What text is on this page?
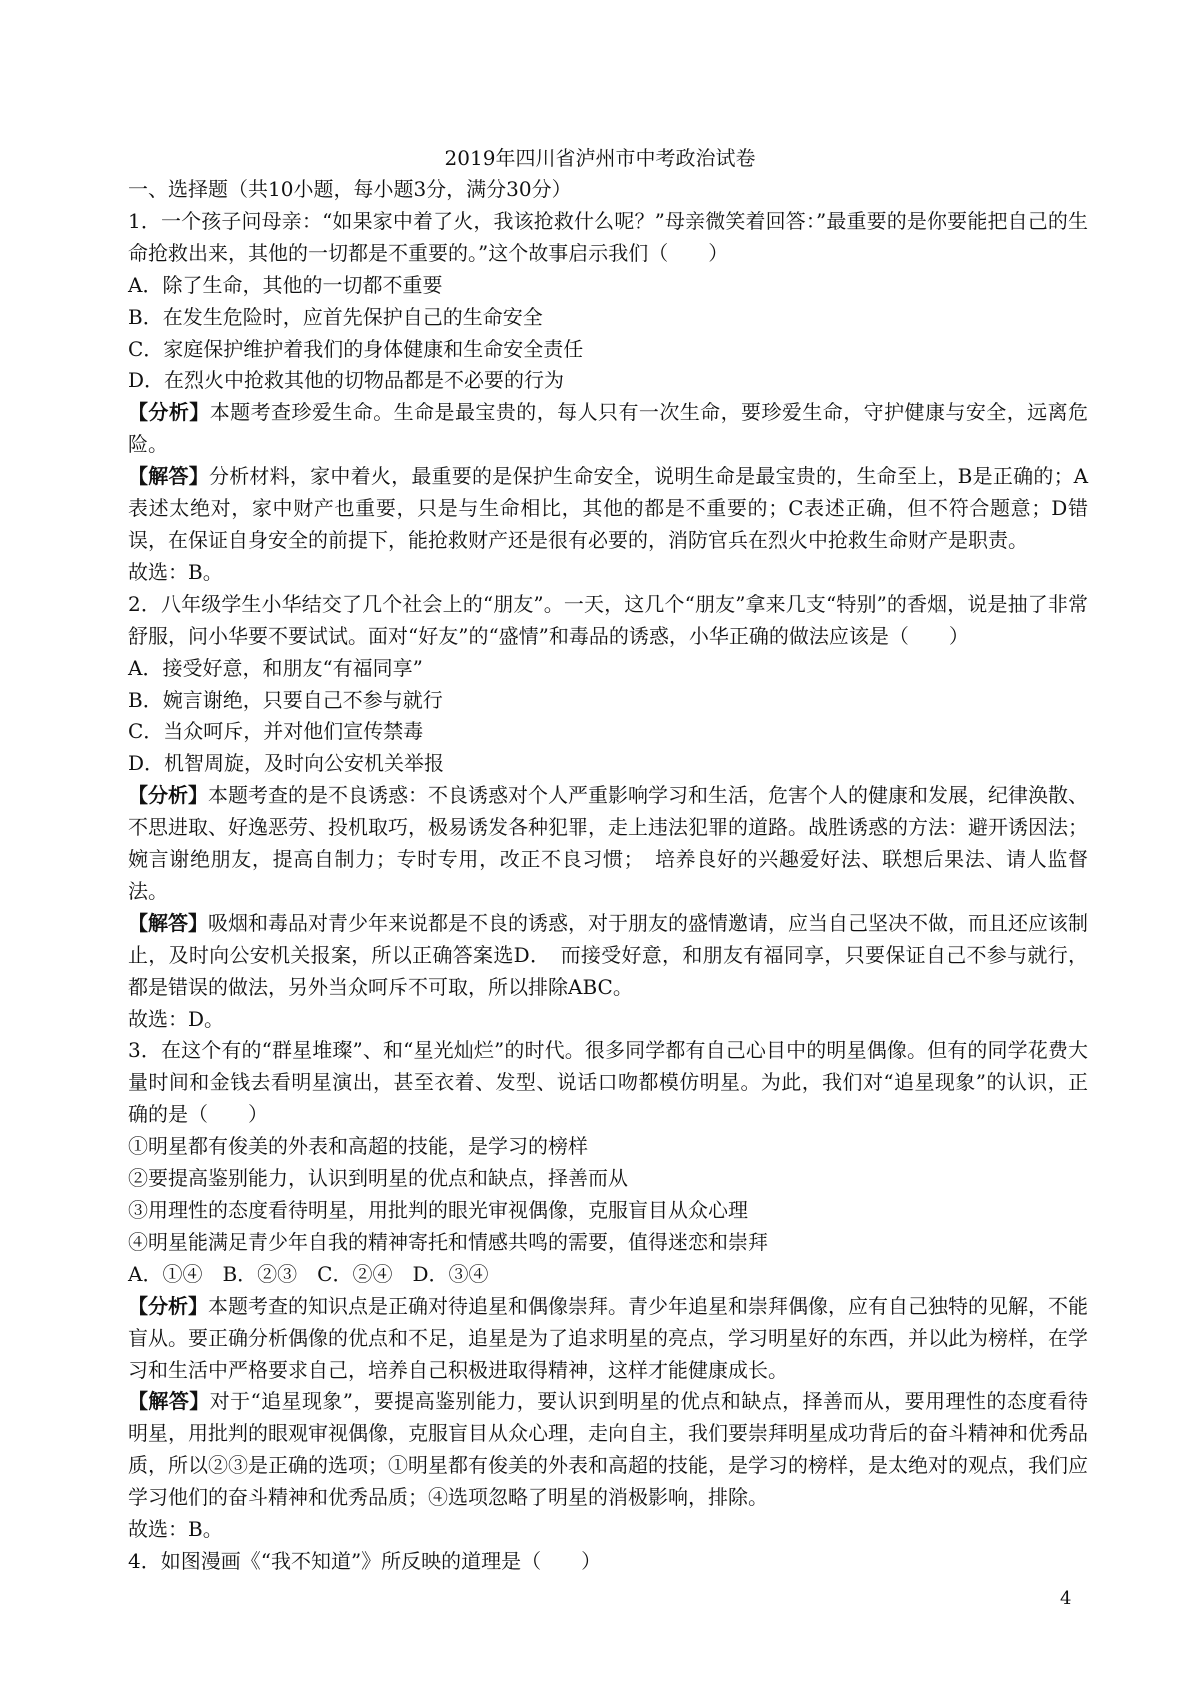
2019年四川省泸州市中考政治试卷

一、选择题（共10小题，每小题3分，满分30分）

1．一个孩子问母亲：“如果家中着了火，我该抢救什么呢？”母亲微笑着回答：”最重要的是你要能把自己的生命抢救出来，其他的一切都是不重要的。”这个故事启示我们（　　）

A．除了生命，其他的一切都不重要

B．在发生危险时，应首先保护自己的生命安全

C．家庭保护维护着我们的身体健康和生命安全责任

D．在烈火中抢救其他的切物品都是不必要的行为

【分析】本题考查珍爱生命。生命是最宝贵的，每人只有一次生命，要珍爱生命，守护健康与安全，远离危险。

【解答】分析材料，家中着火，最重要的是保护生命安全，说明生命是最宝贵的，生命至上，B是正确的；A表述太绝对，家中财产也重要，只是与生命相比，其他的都是不重要的；C表述正确，但不符合题意；D错误，在保证自身安全的前提下，能抢救财产还是很有必要的，消防官兵在烈火中抢救生命财产是职责。

故选：B。

2．八年级学生小华结交了几个社会上的“朋友”。一天，这几个“朋友”拿来几支“特别”的香烟，说是抽了非常舒服，问小华要不要试试。面对“好友”的“盛情”和毒品的诱惑，小华正确的做法应该是（　　）

A．接受好意，和朋友“有福同享”

B．婉言谢绝，只要自己不参与就行

C．当众呵斥，并对他们宣传禁毒

D．机智周旋，及时向公安机关举报

【分析】本题考查的是不良诱惑：不良诱惑对个人严重影响学习和生活，危害个人的健康和发展，纪律涣散、不思进取、好逸恶劳、投机取巧，极易诱发各种犯罪，走上违法犯罪的道路。战胜诱惑的方法：避开诱因法；婉言谢绝朋友，提高自制力；专时专用，改正不良习惯；　培养良好的兴趣爱好法、联想后果法、请人监督法。

【解答】吸烟和毒品对青少年来说都是不良的诱惑，对于朋友的盛情邀请，应当自己坚决不做，而且还应该制止，及时向公安机关报案，所以正确答案选D．　而接受好意，和朋友有福同享，只要保证自己不参与就行，都是错误的做法，另外当众呵斥不可取，所以排除ABC。

故选：D。

3．在这个有的“群星堆璨”、和“星光灿烂”的时代。很多同学都有自己心目中的明星偶像。但有的同学花费大量时间和金钱去看明星演出，甚至衣着、发型、说话口吻都模仿明星。为此，我们对“追星现象”的认识，正确的是（　　）

①明星都有俊美的外表和高超的技能，是学习的榜样

②要提高鉴别能力，认识到明星的优点和缺点，择善而从

③用理性的态度看待明星，用批判的眼光审视偶像，克服盲目从众心理

④明星能满足青少年自我的精神寄托和情感共鸣的需要，值得迷恋和崇拜

A．①④　B．②③　C．②④　D．③④

【分析】本题考查的知识点是正确对待追星和偶像崇拜。青少年追星和崇拜偶像，应有自己独特的见解，不能盲从。要正确分析偶像的优点和不足，追星是为了追求明星的亮点，学习明星好的东西，并以此为榜样，在学习和生活中严格要求自己，培养自己积极进取得精神，这样才能健康成长。

【解答】对于“追星现象”，要提高鉴别能力，要认识到明星的优点和缺点，择善而从，要用理性的态度看待明星，用批判的眼观审视偶像，克服盲目从众心理，走向自主，我们要崇拜明星成功背后的奋斗精神和优秀品质，所以②③是正确的选项；①明星都有俊美的外表和高超的技能，是学习的榜样，是太绝对的观点，我们应学习他们的奋斗精神和优秀品质；④选项忽略了明星的消极影响，排除。

故选：B。

4．如图漫画《“我不知道”》所反映的道理是（　　）

4
